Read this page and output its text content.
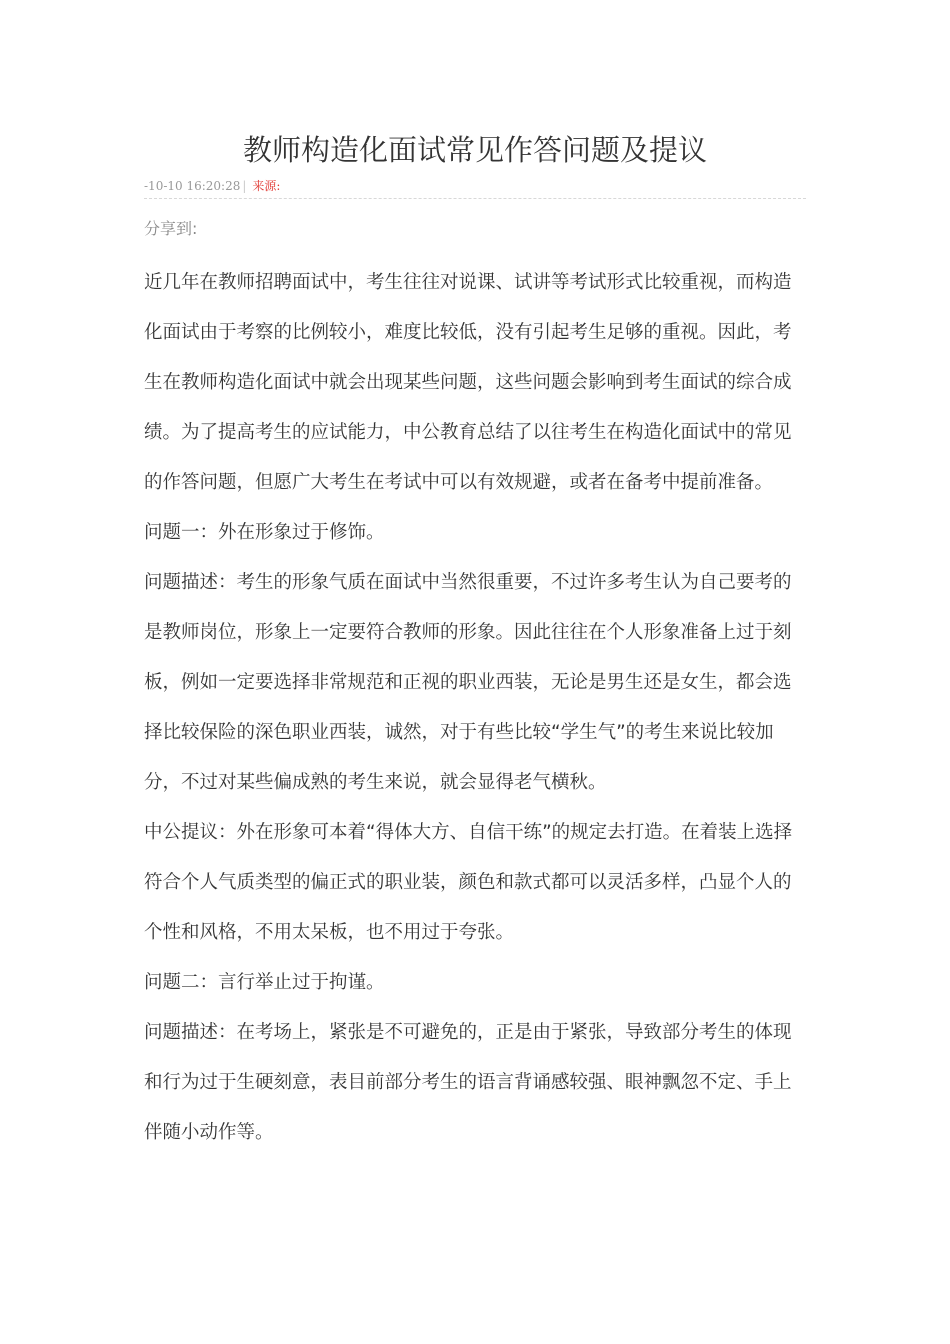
教师构造化面试常见作答问题及提议
-10-10 16:20:28 | 来源:
分享到:

近几年在教师招聘面试中，考生往往对说课、试讲等考试形式比较重视，而构造化面试由于考察的比例较小，难度比较低，没有引起考生足够的重视。因此，考生在教师构造化面试中就会出现某些问题，这些问题会影响到考生面试的综合成绩。为了提高考生的应试能力，中公教育总结了以往考生在构造化面试中的常见的作答问题，但愿广大考生在考试中可以有效规避，或者在备考中提前准备。

问题一：外在形象过于修饰。

问题描述：考生的形象气质在面试中当然很重要，不过许多考生认为自己要考的是教师岗位，形象上一定要符合教师的形象。因此往往在个人形象准备上过于刻板，例如一定要选择非常规范和正视的职业西装，无论是男生还是女生，都会选择比较保险的深色职业西装，诚然，对于有些比较“学生气”的考生来说比较加分，不过对某些偏成熟的考生来说，就会显得老气横秋。

中公提议：外在形象可本着“得体大方、自信干练”的规定去打造。在着装上选择符合个人气质类型的偏正式的职业装，颜色和款式都可以灵活多样，凸显个人的个性和风格，不用太呆板，也不用过于夸张。

问题二：言行举止过于拘谨。

问题描述：在考场上，紧张是不可避免的，正是由于紧张，导致部分考生的体现和行为过于生硬刻意，表目前部分考生的语言背诵感较强、眼神飘忽不定、手上伴随小动作等。
